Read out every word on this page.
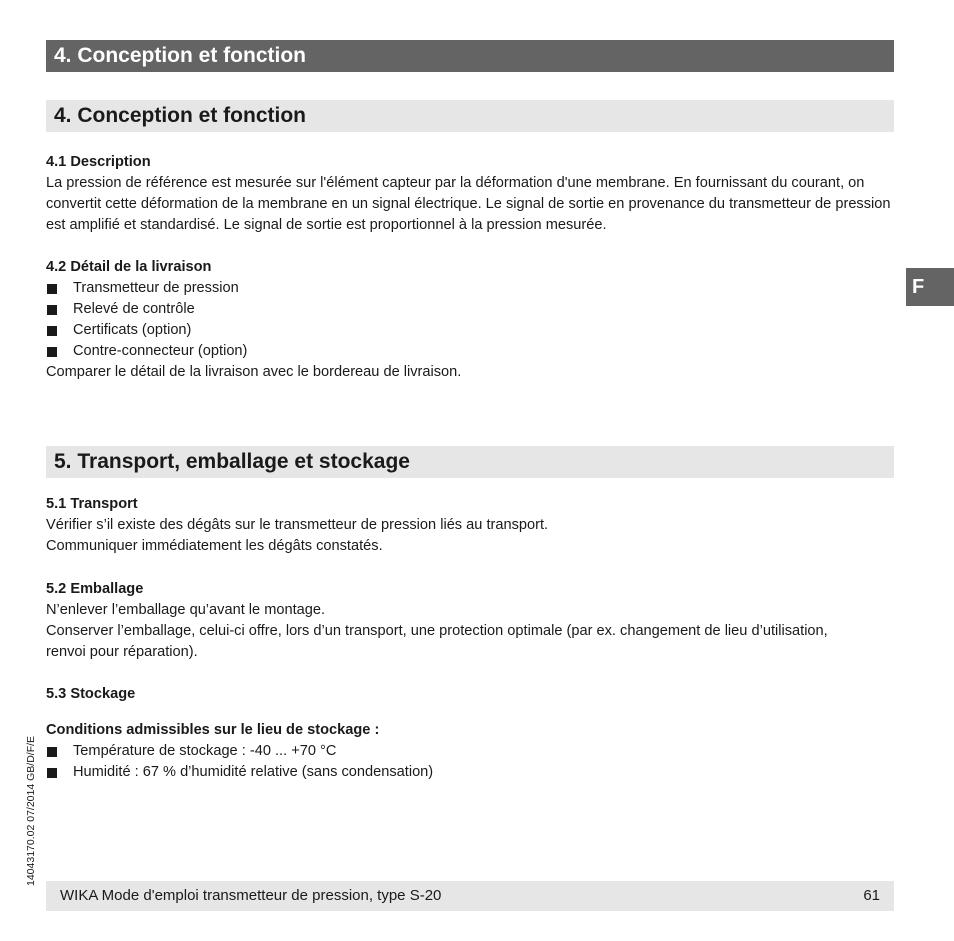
4. Conception et fonction
4. Conception et fonction
4.1 Description

La pression de référence est mesurée sur l'élément capteur par la déformation d'une membrane. En fournissant du courant, on convertit cette déformation de la membrane en un signal électrique. Le signal de sortie en provenance du transmetteur de pression est amplifié et standardisé. Le signal de sortie est proportionnel à la pression mesurée.

4.2 Détail de la livraison
Transmetteur de pression
Relevé de contrôle
Certificats (option)
Contre-connecteur (option)
Comparer le détail de la livraison avec le bordereau de livraison.
5. Transport, emballage et stockage
5.1 Transport
Vérifier s’il existe des dégâts sur le transmetteur de pression liés au transport.
Communiquer immédiatement les dégâts constatés.
5.2 Emballage
N’enlever l’emballage qu’avant le montage.
Conserver l’emballage, celui-ci offre, lors d’un transport, une protection optimale (par ex. changement de lieu d’utilisation, renvoi pour réparation).
5.3 Stockage
Conditions admissibles sur le lieu de stockage :
Température de stockage : -40 ... +70 °C
Humidité : 67 % d’humidité relative (sans condensation)
F
14043170.02 07/2014 GB/D/F/E
WIKA Mode d'emploi transmetteur de pression, type S-20	61
